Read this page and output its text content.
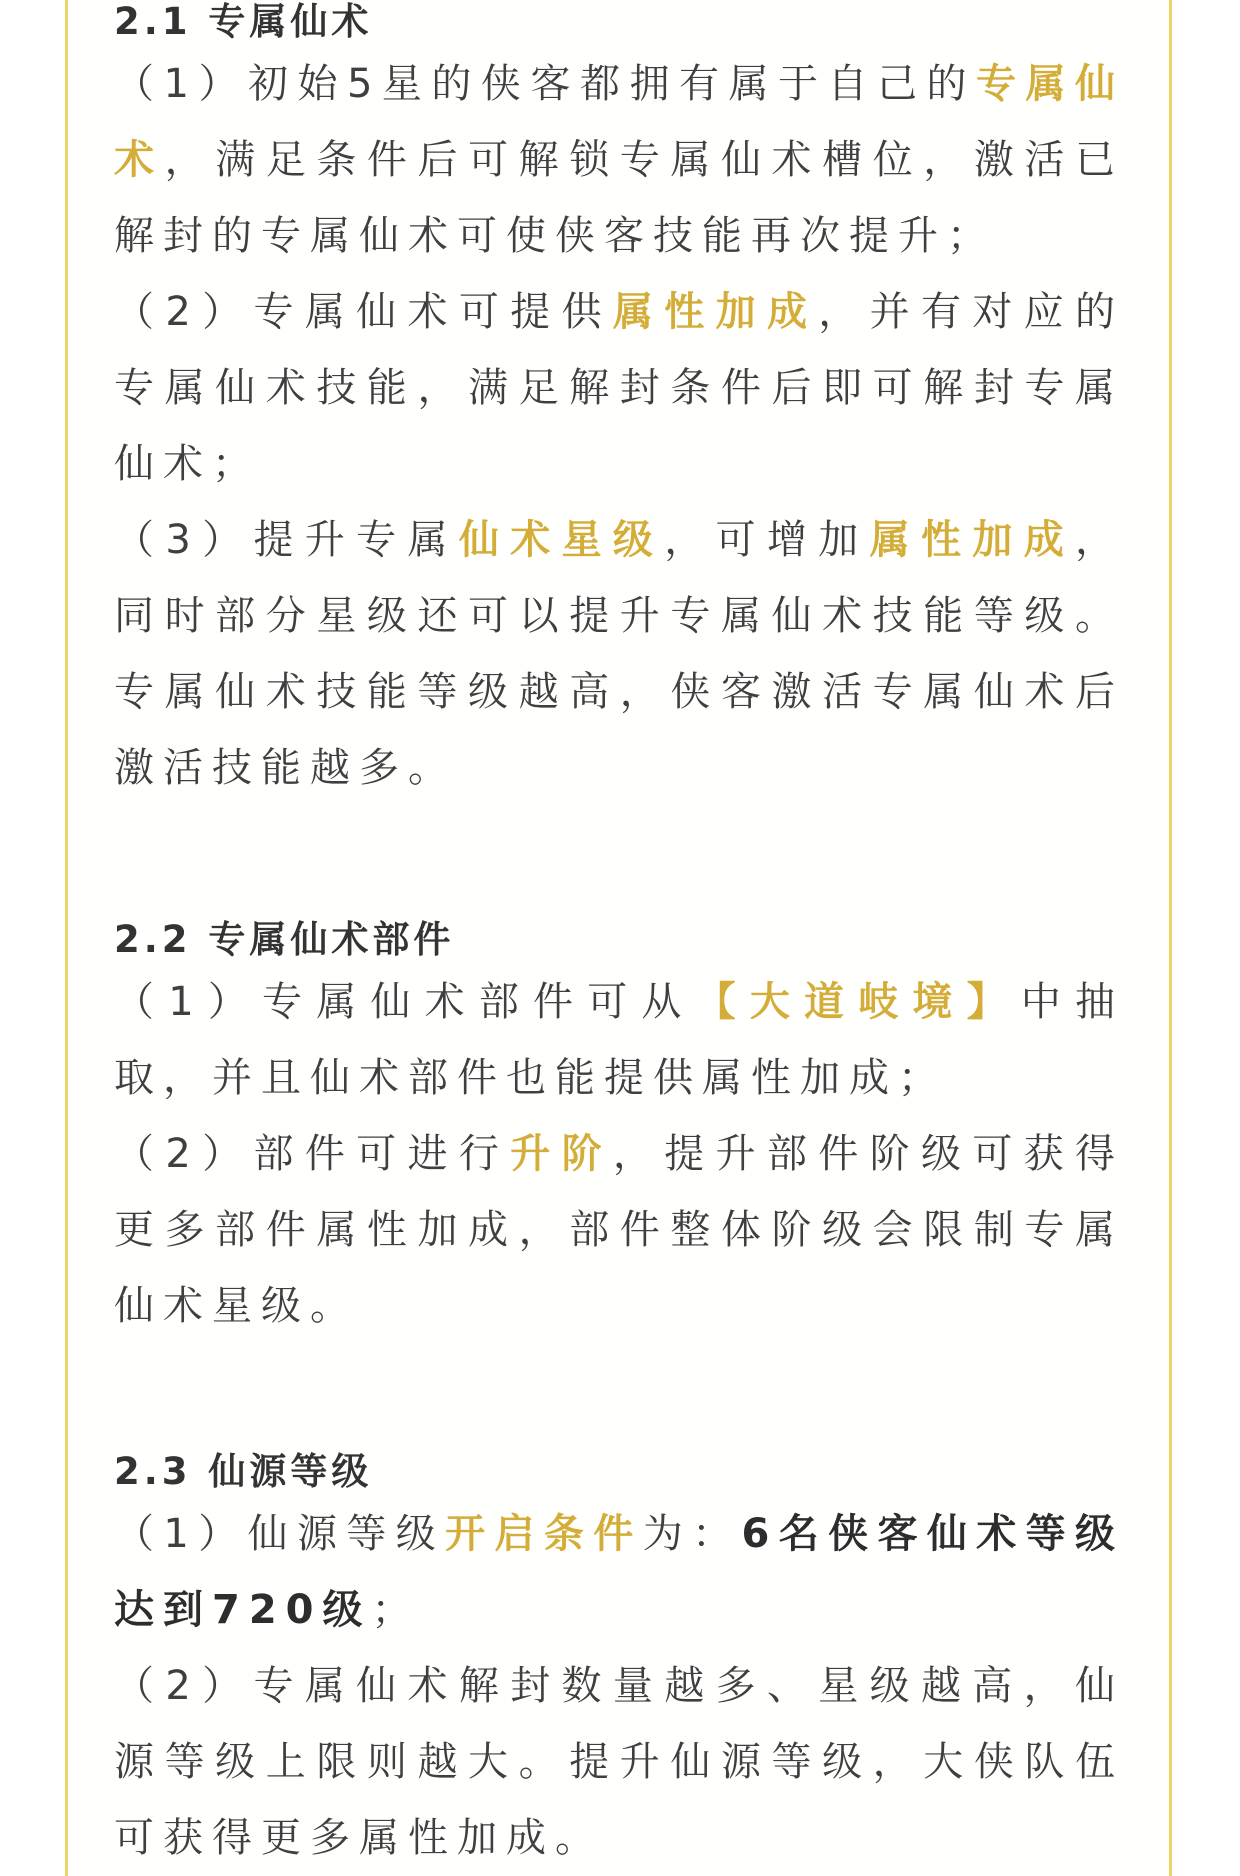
2.1 专属仙术

（1）初始5星的侠客都拥有属于自己的专属仙术，满足条件后可解锁专属仙术槽位，激活已解封的专属仙术可使侠客技能再次提升；

（2）专属仙术可提供属性加成，并有对应的专属仙术技能，满足解封条件后即可解封专属仙术；

（3）提升专属仙术星级，可增加属性加成，同时部分星级还可以提升专属仙术技能等级。专属仙术技能等级越高，侠客激活专属仙术后激活技能越多。

2.2 专属仙术部件

（1）专属仙术部件可从【大道岐境】中抽取，并且仙术部件也能提供属性加成；

（2）部件可进行升阶，提升部件阶级可获得更多部件属性加成，部件整体阶级会限制专属仙术星级。

2.3 仙源等级

（1）仙源等级开启条件为：6名侠客仙术等级达到720级；

（2）专属仙术解封数量越多、星级越高，仙源等级上限则越大。提升仙源等级，大侠队伍可获得更多属性加成。
